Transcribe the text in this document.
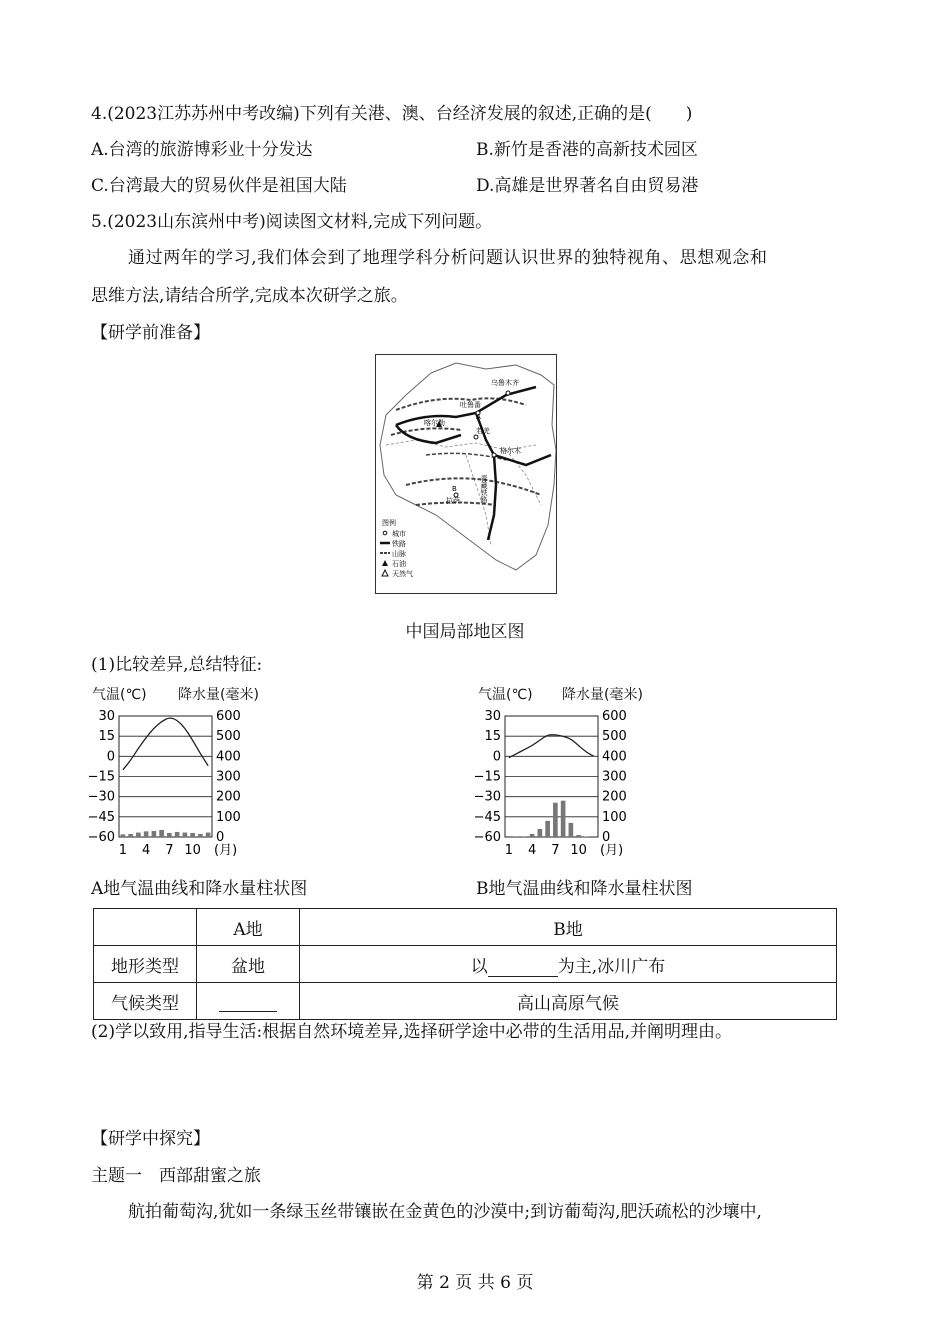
4.(2023江苏苏州中考改编)下列有关港、澳、台经济发展的叙述,正确的是(　　)
A.台湾的旅游博彩业十分发达	B.新竹是香港的高新技术园区
C.台湾最大的贸易伙伴是祖国大陆	D.高雄是世界著名自由贸易港
5.(2023山东滨州中考)阅读图文材料,完成下列问题。
通过两年的学习,我们体会到了地理学科分析问题认识世界的独特视角、思想观念和
思维方法,请结合所学,完成本次研学之旅。
【研学前准备】
乌鲁木齐
吐鲁番
喀尔勒
A
若羌
格尔木
青藏铁路
B
拉萨
图例
城市
铁路
山脉
石油
天然气
中国局部地区图
(1)比较差异,总结特征:
气温(℃) 降水量(毫米)
30	600
15	500
0	400
−15	300
−30	200
−45	100
−60	0
1 4 7 10 (月)
气温(℃) 降水量(毫米)
30	600
15	500
0	400
−15	300
−30	200
−45	100
−60	0
1 4 7 10 (月)
A地气温曲线和降水量柱状图	B地气温曲线和降水量柱状图
	A地	B地
地形类型	盆地	以 为主,冰川广布
气候类型		高山高原气候
(2)学以致用,指导生活:根据自然环境差异,选择研学途中必带的生活用品,并阐明理由。
【研学中探究】
主题一　西部甜蜜之旅
航拍葡萄沟,犹如一条绿玉丝带镶嵌在金黄色的沙漠中;到访葡萄沟,肥沃疏松的沙壤中,
第 2 页 共 6 页
